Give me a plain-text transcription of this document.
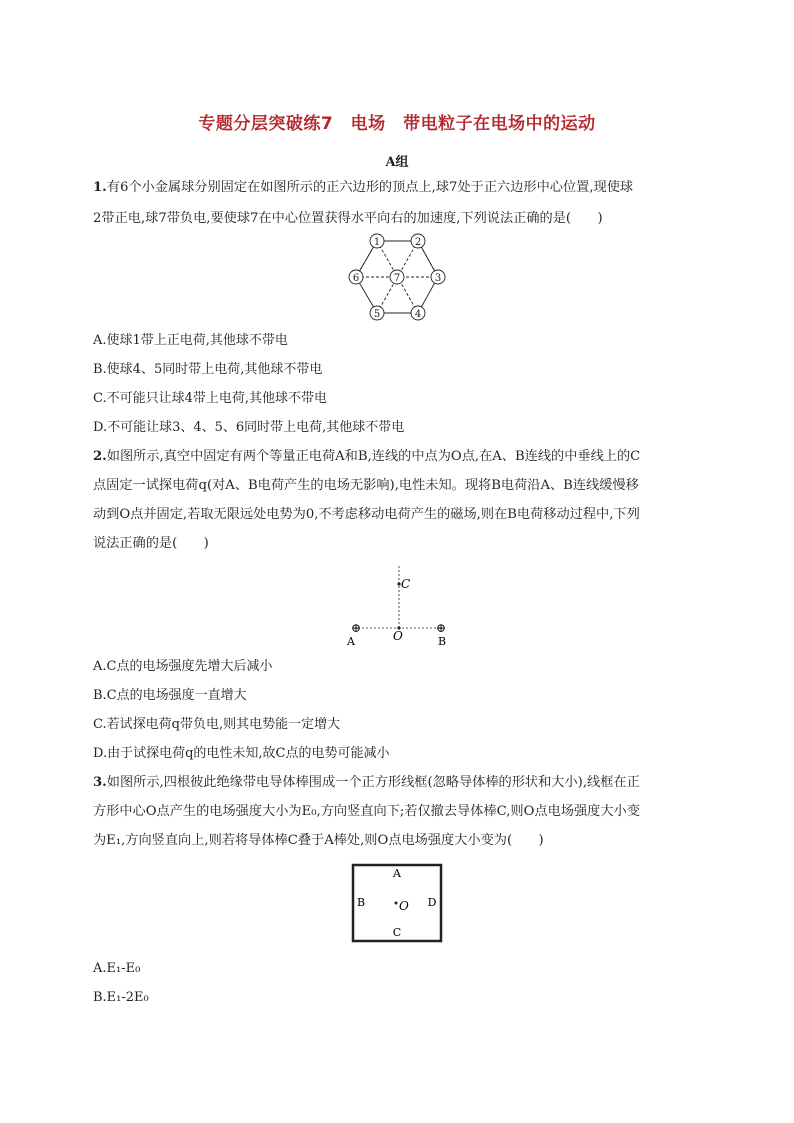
专题分层突破练7　电场　带电粒子在电场中的运动
A组
1.有6个小金属球分别固定在如图所示的正六边形的顶点上,球7处于正六边形中心位置,现使球
2带正电,球7带负电,要使球7在中心位置获得水平向右的加速度,下列说法正确的是(　　)
1	2
3
4
5
6	7
A.使球1带上正电荷,其他球不带电
B.使球4、5同时带上电荷,其他球不带电
C.不可能只让球4带上电荷,其他球不带电
D.不可能让球3、4、5、6同时带上电荷,其他球不带电
2.如图所示,真空中固定有两个等量正电荷A和B,连线的中点为O点,在A、B连线的中垂线上的C
点固定一试探电荷q(对A、B电荷产生的电场无影响),电性未知。现将B电荷沿A、B连线缓慢移
动到O点并固定,若取无限远处电势为0,不考虑移动电荷产生的磁场,则在B电荷移动过程中,下列
说法正确的是(　　)
⊕	⊕
C
O
A	B
A.C点的电场强度先增大后减小
B.C点的电场强度一直增大
C.若试探电荷q带负电,则其电势能一定增大
D.由于试探电荷q的电性未知,故C点的电势可能减小
3.如图所示,四根彼此绝缘带电导体棒围成一个正方形线框(忽略导体棒的形状和大小),线框在正
方形中心O点产生的电场强度大小为E₀,方向竖直向下;若仅撤去导体棒C,则O点电场强度大小变
为E₁,方向竖直向上,则若将导体棒C叠于A棒处,则O点电场强度大小变为(　　)
A
B	D
C
O
A.E₁-E₀
B.E₁-2E₀
